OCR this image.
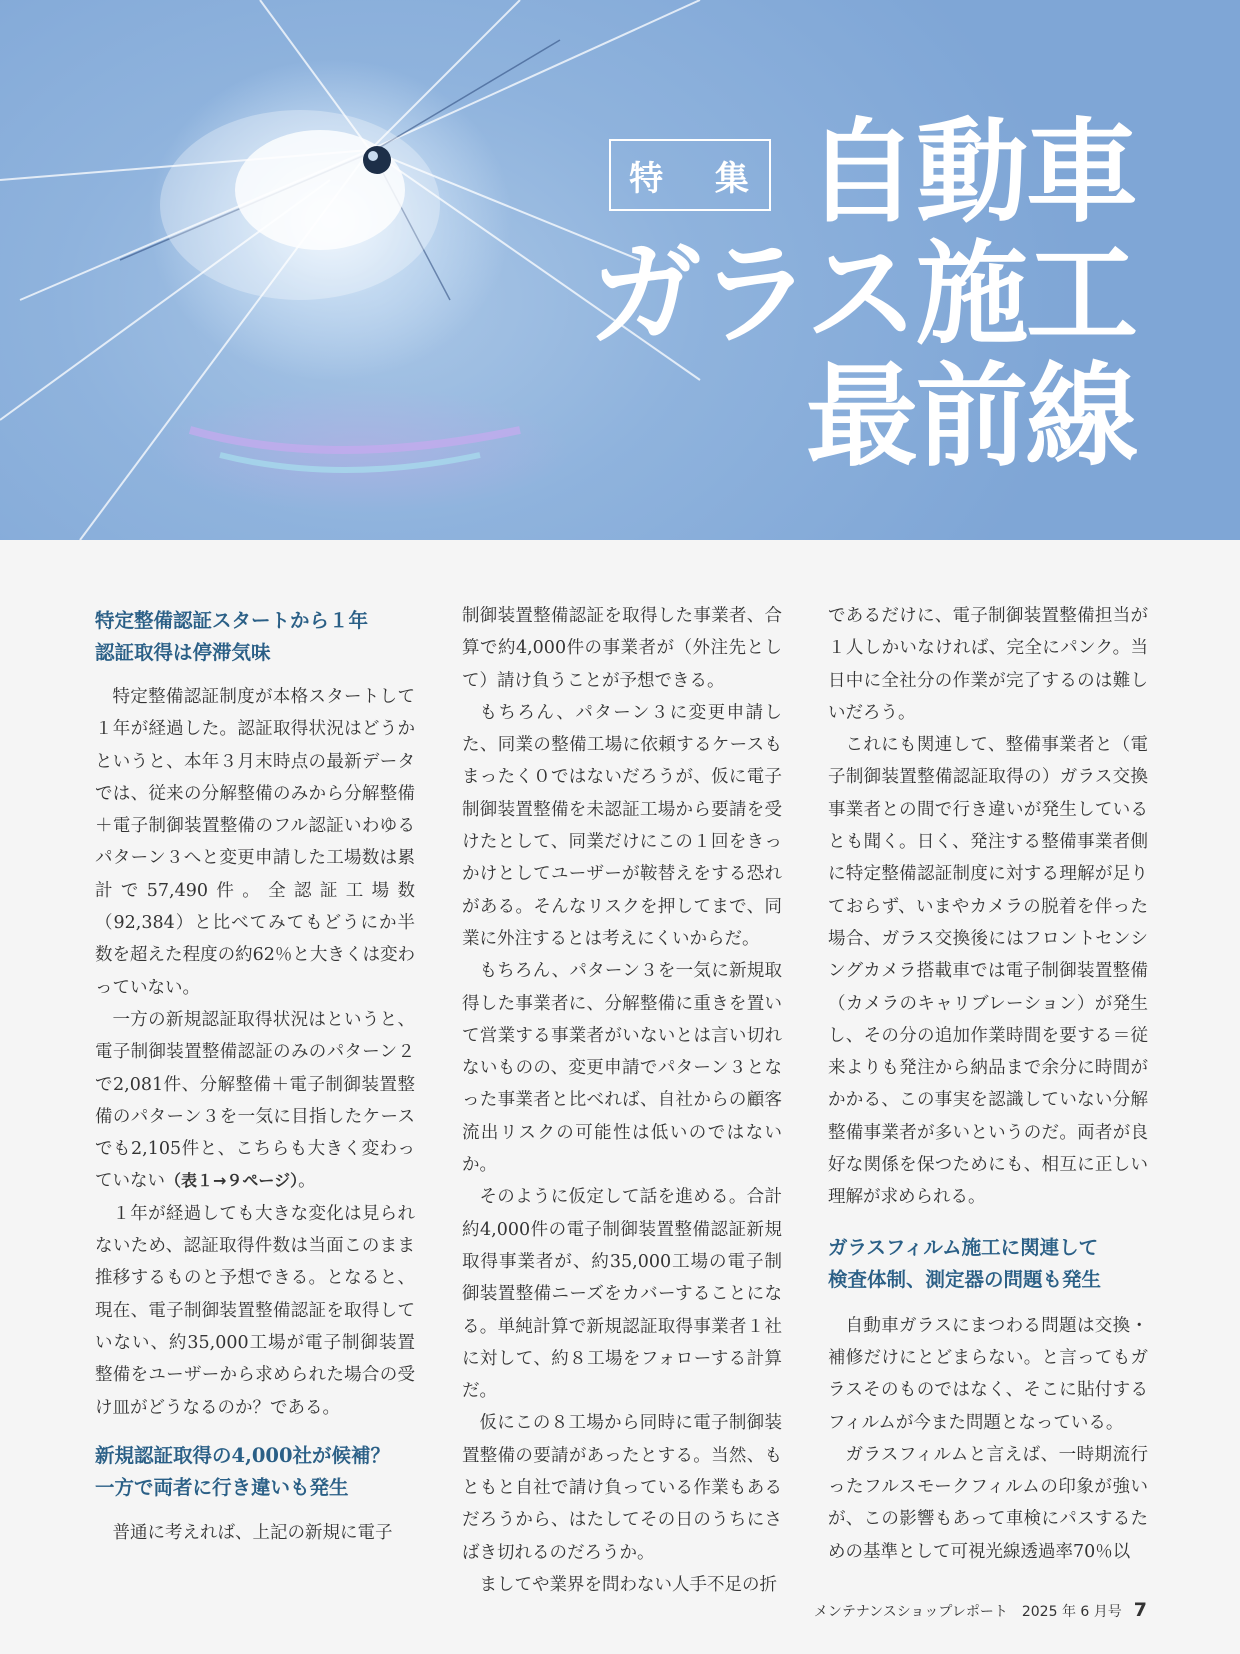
特 集 自動車
ガラス施工
最前線
特定整備認証スタートから１年
認証取得は停滞気味

特定整備認証制度が本格スタートして１年が経過した。認証取得状況はどうかというと、本年３月末時点の最新データでは、従来の分解整備のみから分解整備＋電子制御装置整備のフル認証いわゆるパターン３へと変更申請した工場数は累計で57,490件。全認証工場数（92,384）と比べてみてもどうにか半数を超えた程度の約62％と大きくは変わっていない。

一方の新規認証取得状況はというと、電子制御装置整備認証のみのパターン２で2,081件、分解整備＋電子制御装置整備のパターン３を一気に目指したケースでも2,105件と、こちらも大きく変わっていない（表１→９ページ）。

１年が経過しても大きな変化は見られないため、認証取得件数は当面このまま推移するものと予想できる。となると、現在、電子制御装置整備認証を取得していない、約35,000工場が電子制御装置整備をユーザーから求められた場合の受け皿がどうなるのか？である。

新規認証取得の4,000社が候補？
一方で両者に行き違いも発生

普通に考えれば、上記の新規に電子

制御装置整備認証を取得した事業者、合算で約4,000件の事業者が（外注先として）請け負うことが予想できる。

もちろん、パターン３に変更申請した、同業の整備工場に依頼するケースもまったく０ではないだろうが、仮に電子制御装置整備を未認証工場から要請を受けたとして、同業だけにこの１回をきっかけとしてユーザーが鞍替えをする恐れがある。そんなリスクを押してまで、同業に外注するとは考えにくいからだ。

もちろん、パターン３を一気に新規取得した事業者に、分解整備に重きを置いて営業する事業者がいないとは言い切れないものの、変更申請でパターン３となった事業者と比べれば、自社からの顧客流出リスクの可能性は低いのではないか。

そのように仮定して話を進める。合計約4,000件の電子制御装置整備認証新規取得事業者が、約35,000工場の電子制御装置整備ニーズをカバーすることになる。単純計算で新規認証取得事業者１社に対して、約８工場をフォローする計算だ。

仮にこの８工場から同時に電子制御装置整備の要請があったとする。当然、もともと自社で請け負っている作業もあるだろうから、はたしてその日のうちにさばき切れるのだろうか。

ましてや業界を問わない人手不足の折

であるだけに、電子制御装置整備担当が１人しかいなければ、完全にパンク。当日中に全社分の作業が完了するのは難しいだろう。

これにも関連して、整備事業者と（電子制御装置整備認証取得の）ガラス交換事業者との間で行き違いが発生しているとも聞く。日く、発注する整備事業者側に特定整備認証制度に対する理解が足りておらず、いまやカメラの脱着を伴った場合、ガラス交換後にはフロントセンシングカメラ搭載車では電子制御装置整備（カメラのキャリブレーション）が発生し、その分の追加作業時間を要する＝従来よりも発注から納品まで余分に時間がかかる、この事実を認識していない分解整備事業者が多いというのだ。両者が良好な関係を保つためにも、相互に正しい理解が求められる。

ガラスフィルム施工に関連して
検査体制、測定器の問題も発生

自動車ガラスにまつわる問題は交換・補修だけにとどまらない。と言ってもガラスそのものではなく、そこに貼付するフィルムが今また問題となっている。

ガラスフィルムと言えば、一時期流行ったフルスモークフィルムの印象が強いが、この影響もあって車検にパスするための基準として可視光線透過率70％以

メンテナンスショップレポート　2025 年 6 月号 7
